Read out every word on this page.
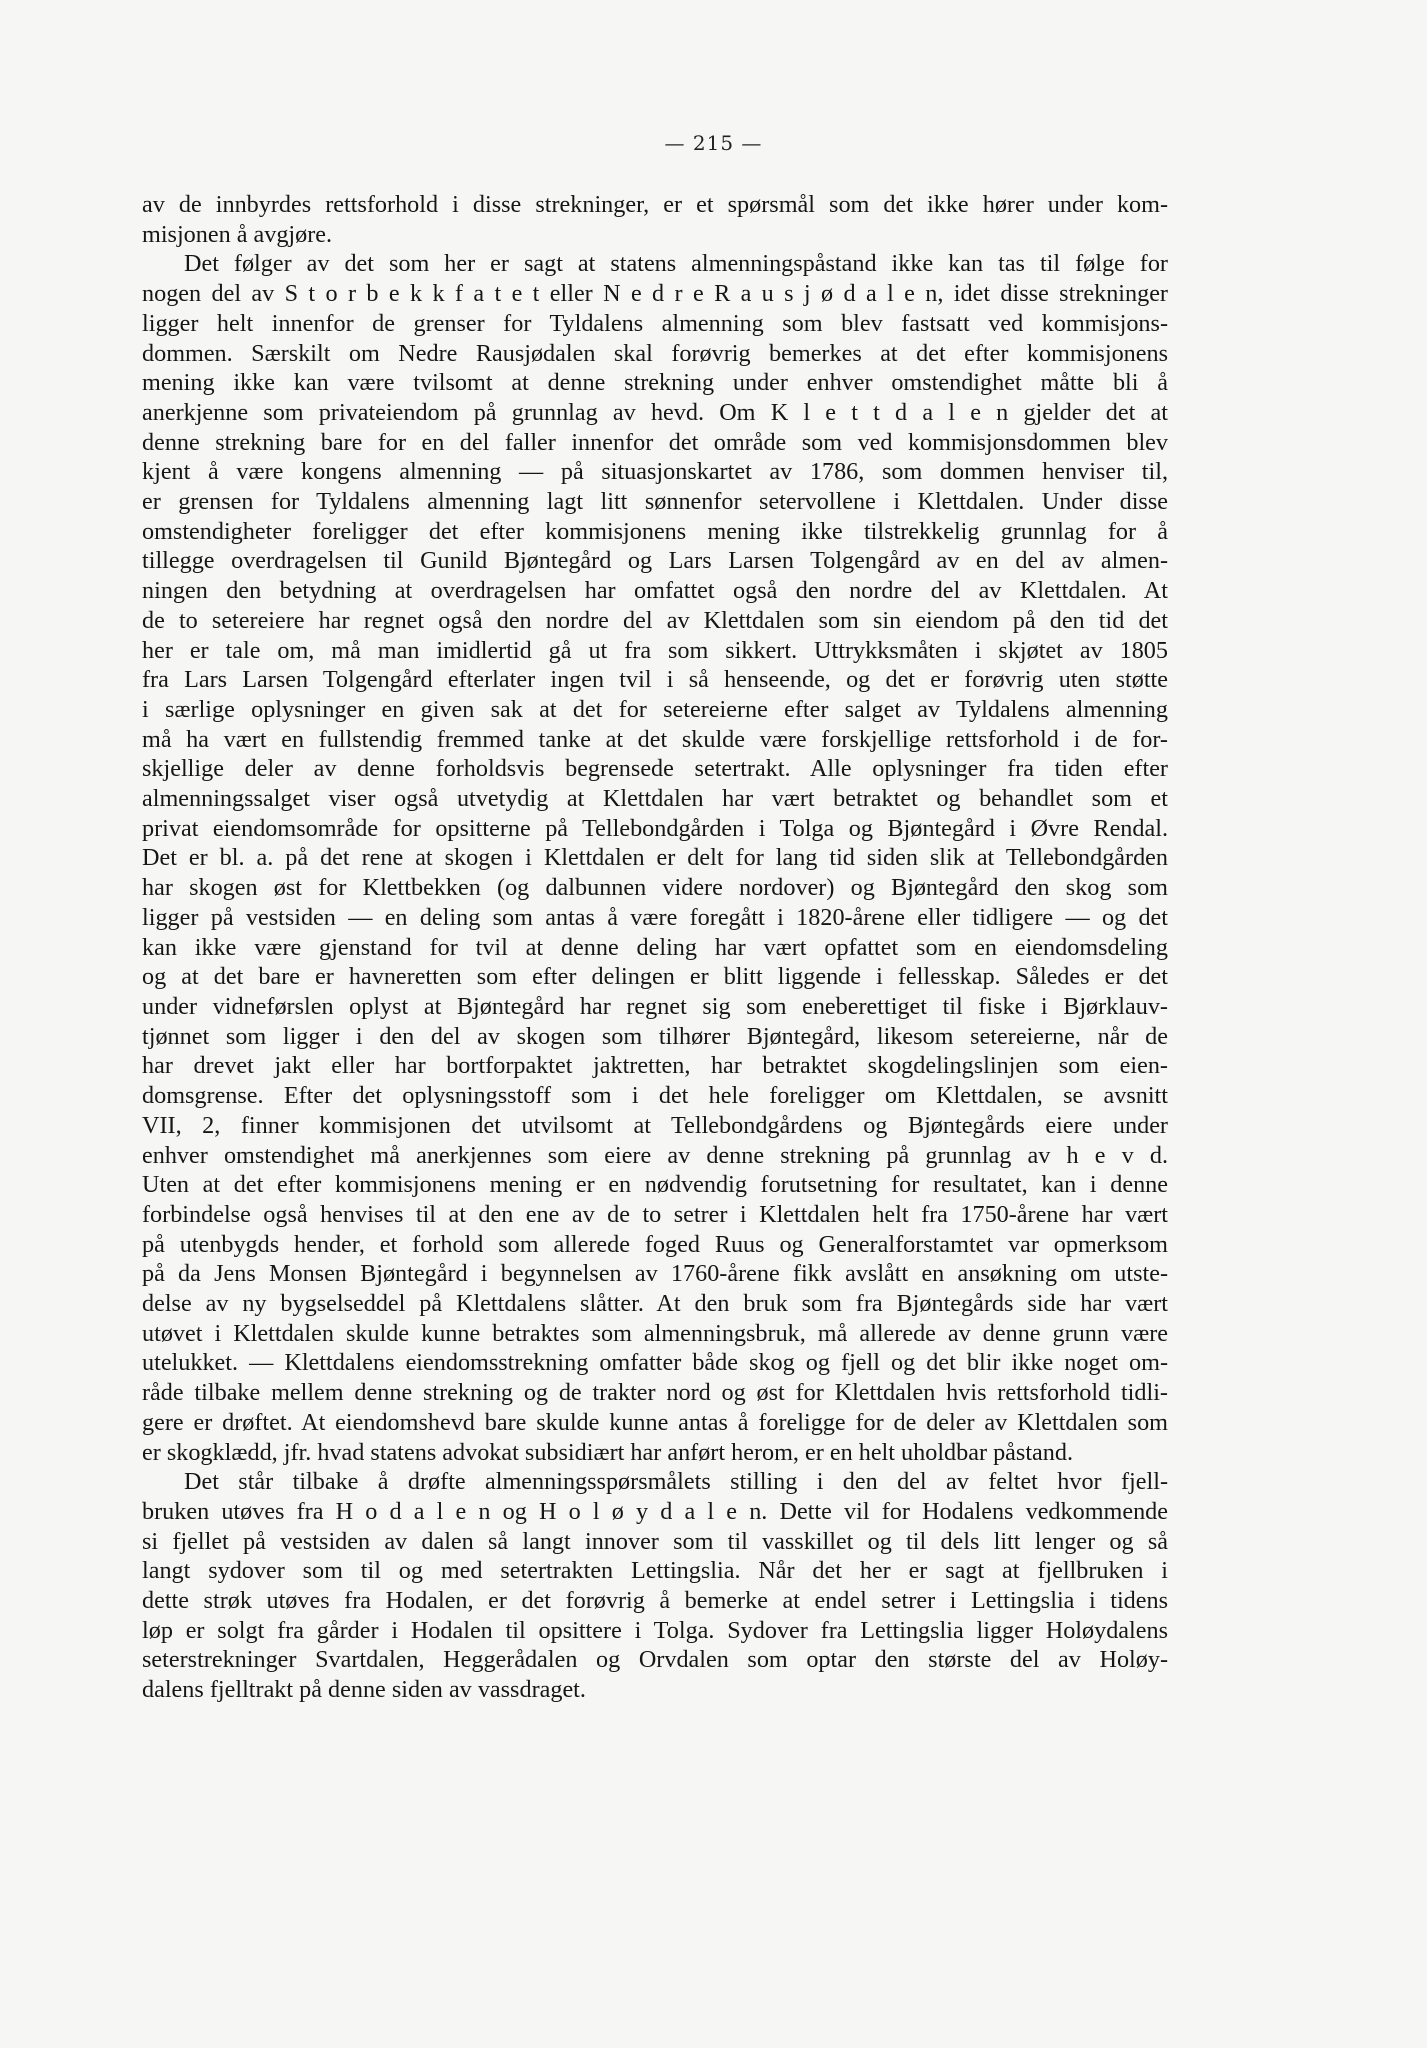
— 215 —
av de innbyrdes rettsforhold i disse strekninger, er et spørsmål som det ikke hører under kom-
misjonen å avgjøre.
Det følger av det som her er sagt at statens almenningspåstand ikke kan tas til følge for
nogen del av S t o r b e k k f a t e t eller N e d r e R a u s j ø d a l e n, idet disse strekninger
ligger helt innenfor de grenser for Tyldalens almenning som blev fastsatt ved kommisjons-
dommen. Særskilt om Nedre Rausjødalen skal forøvrig bemerkes at det efter kommisjonens
mening ikke kan være tvilsomt at denne strekning under enhver omstendighet måtte bli å
anerkjenne som privateiendom på grunnlag av hevd. Om K l e t t d a l e n gjelder det at
denne strekning bare for en del faller innenfor det område som ved kommisjonsdommen blev
kjent å være kongens almenning — på situasjonskartet av 1786, som dommen henviser til,
er grensen for Tyldalens almenning lagt litt sønnenfor setervollene i Klettdalen. Under disse
omstendigheter foreligger det efter kommisjonens mening ikke tilstrekkelig grunnlag for å
tillegge overdragelsen til Gunild Bjøntegård og Lars Larsen Tolgengård av en del av almen-
ningen den betydning at overdragelsen har omfattet også den nordre del av Klettdalen. At
de to setereiere har regnet også den nordre del av Klettdalen som sin eiendom på den tid det
her er tale om, må man imidlertid gå ut fra som sikkert. Uttrykksmåten i skjøtet av 1805
fra Lars Larsen Tolgengård efterlater ingen tvil i så henseende, og det er forøvrig uten støtte
i særlige oplysninger en given sak at det for setereierne efter salget av Tyldalens almenning
må ha vært en fullstendig fremmed tanke at det skulde være forskjellige rettsforhold i de for-
skjellige deler av denne forholdsvis begrensede setertrakt. Alle oplysninger fra tiden efter
almenningssalget viser også utvetydig at Klettdalen har vært betraktet og behandlet som et
privat eiendomsområde for opsitterne på Tellebondgården i Tolga og Bjøntegård i Øvre Rendal.
Det er bl. a. på det rene at skogen i Klettdalen er delt for lang tid siden slik at Tellebondgården
har skogen øst for Klettbekken (og dalbunnen videre nordover) og Bjøntegård den skog som
ligger på vestsiden — en deling som antas å være foregått i 1820-årene eller tidligere — og det
kan ikke være gjenstand for tvil at denne deling har vært opfattet som en eiendomsdeling
og at det bare er havneretten som efter delingen er blitt liggende i fellesskap. Således er det
under vidneførslen oplyst at Bjøntegård har regnet sig som eneberettiget til fiske i Bjørklauv-
tjønnet som ligger i den del av skogen som tilhører Bjøntegård, likesom setereierne, når de
har drevet jakt eller har bortforpaktet jaktretten, har betraktet skogdelingslinjen som eien-
domsgrense. Efter det oplysningsstoff som i det hele foreligger om Klettdalen, se avsnitt
VII, 2, finner kommisjonen det utvilsomt at Tellebondgårdens og Bjøntegårds eiere under
enhver omstendighet må anerkjennes som eiere av denne strekning på grunnlag av h e v d.
Uten at det efter kommisjonens mening er en nødvendig forutsetning for resultatet, kan i denne
forbindelse også henvises til at den ene av de to setrer i Klettdalen helt fra 1750-årene har vært
på utenbygds hender, et forhold som allerede foged Ruus og Generalforstamtet var opmerksom
på da Jens Monsen Bjøntegård i begynnelsen av 1760-årene fikk avslått en ansøkning om utste-
delse av ny bygselseddel på Klettdalens slåtter. At den bruk som fra Bjøntegårds side har vært
utøvet i Klettdalen skulde kunne betraktes som almenningsbruk, må allerede av denne grunn være
utelukket. — Klettdalens eiendomsstrekning omfatter både skog og fjell og det blir ikke noget om-
råde tilbake mellem denne strekning og de trakter nord og øst for Klettdalen hvis rettsforhold tidli-
gere er drøftet. At eiendomshevd bare skulde kunne antas å foreligge for de deler av Klettdalen som
er skogklædd, jfr. hvad statens advokat subsidiært har anført herom, er en helt uholdbar påstand.
Det står tilbake å drøfte almenningsspørsmålets stilling i den del av feltet hvor fjell-
bruken utøves fra H o d a l e n og H o l ø y d a l e n. Dette vil for Hodalens vedkommende
si fjellet på vestsiden av dalen så langt innover som til vasskillet og til dels litt lenger og så
langt sydover som til og med setertrakten Lettingslia. Når det her er sagt at fjellbruken i
dette strøk utøves fra Hodalen, er det forøvrig å bemerke at endel setrer i Lettingslia i tidens
løp er solgt fra gårder i Hodalen til opsittere i Tolga. Sydover fra Lettingslia ligger Holøydalens
seterstrekninger Svartdalen, Heggerådalen og Orvdalen som optar den største del av Holøy-
dalens fjelltrakt på denne siden av vassdraget.
